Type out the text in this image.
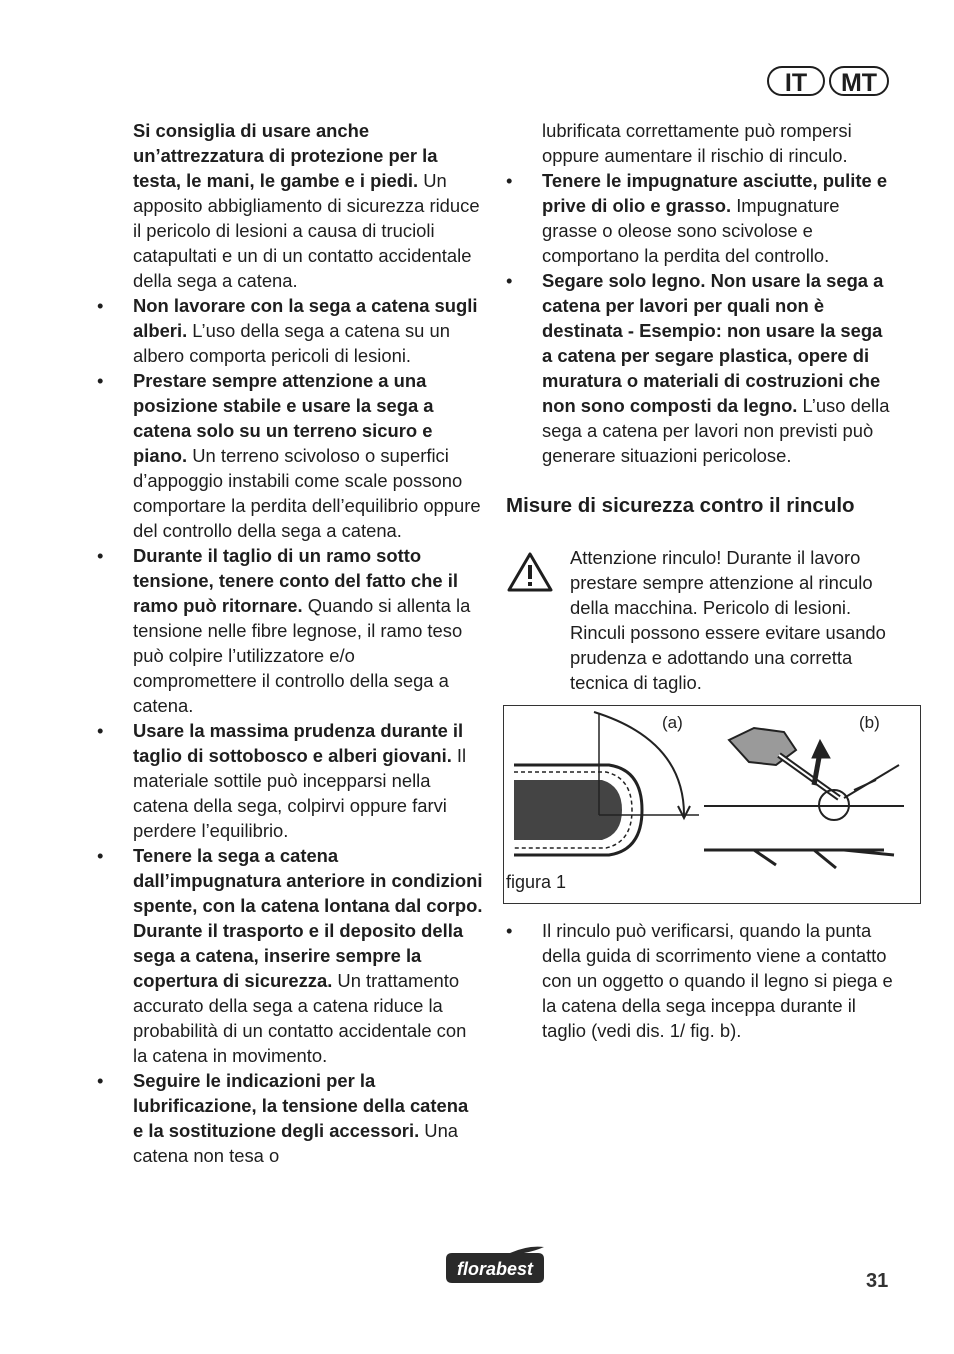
IT	MT

Si consiglia di usare anche un’attrezzatura di protezione per la testa, le mani, le gambe e i piedi. Un apposito abbigliamento di sicurezza riduce il pericolo di lesioni a causa di trucioli catapultati e un di un contatto accidentale della sega a catena.

•	Non lavorare con la sega a catena sugli alberi. L’uso della sega a catena su un albero comporta pericoli di lesioni.

•	Prestare sempre attenzione a una posizione stabile e usare la sega a catena solo su un terreno sicuro e piano. Un terreno scivoloso o superfici d’appoggio instabili come scale possono comportare la perdita dell’equilibrio oppure del controllo della sega a catena.

•	Durante il taglio di un ramo sotto tensione, tenere conto del fatto che il ramo può ritornare. Quando si allenta la tensione nelle fibre legnose, il ramo teso può colpire l’utilizzatore e/o compromettere il controllo della sega a catena.

•	Usare la massima prudenza durante il taglio di sottobosco e alberi giovani. Il materiale sottile può incepparsi nella catena della sega, colpirvi oppure farvi perdere l’equilibrio.

•	Tenere la sega a catena dall’impugnatura anteriore in condizioni spente, con la catena lontana dal corpo. Durante il trasporto e il deposito della sega a catena, inserire sempre la copertura di sicurezza. Un trattamento accurato della sega a catena riduce la probabilità di un contatto accidentale con la catena in movimento.

•	Seguire le indicazioni per la lubrificazione, la tensione della catena e la sostituzione degli accessori. Una catena non tesa o

lubrificata correttamente può rompersi oppure aumentare il rischio di rinculo.

•	Tenere le impugnature asciutte, pulite e prive di olio e grasso. Impugnature grasse o oleose sono scivolose e comportano la perdita del controllo.

•	Segare solo legno. Non usare la sega a catena per lavori per quali non è destinata - Esempio: non usare la sega a catena per segare plastica, opere di muratura o materiali di costruzioni che non sono composti da legno. L’uso della sega a catena per lavori non previsti può generare situazioni pericolose.

Misure di sicurezza contro il rinculo
Attenzione rinculo! Durante il lavoro prestare sempre attenzione al rinculo della macchina. Pericolo di lesioni. Rinculi possono essere evitare usando prudenza e adottando una corretta tecnica di taglio.
(a)	(b)
figura 1

•	Il rinculo può verificarsi, quando la punta della guida di scorrimento viene a contatto con un oggetto o quando il legno si piega e la catena della sega inceppa durante il taglio (vedi dis. 1/ fig. b).

florabest
31
